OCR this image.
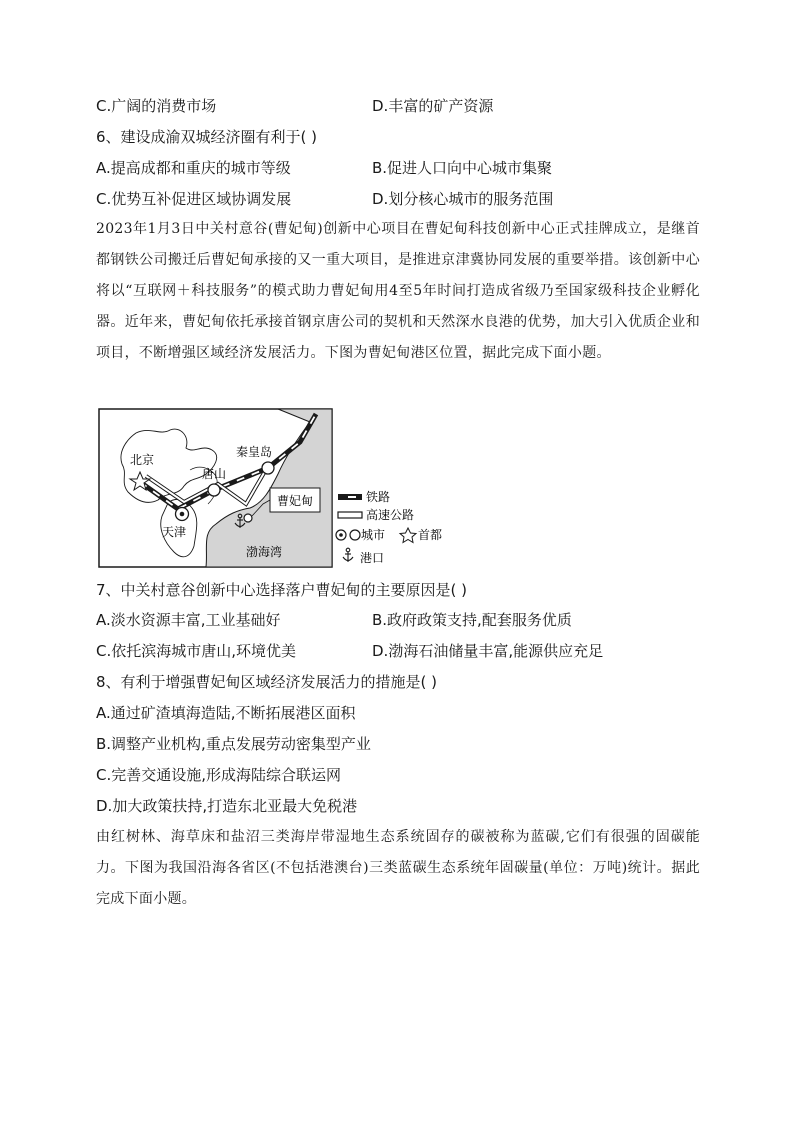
C.广阔的消费市场	D.丰富的矿产资源
6、建设成渝双城经济圈有利于( )
A.提高成都和重庆的城市等级	B.促进人口向中心城市集聚
C.优势互补促进区域协调发展	D.划分核心城市的服务范围
2023年1月3日中关村意谷(曹妃甸)创新中心项目在曹妃甸科技创新中心正式挂牌成立，是继首都钢铁公司搬迁后曹妃甸承接的又一重大项目，是推进京津冀协同发展的重要举措。该创新中心将以“互联网＋科技服务”的模式助力曹妃甸用4至5年时间打造成省级乃至国家级科技企业孵化器。近年来，曹妃甸依托承接首钢京唐公司的契机和天然深水良港的优势，加大引入优质企业和项目，不断增强区域经济发展活力。下图为曹妃甸港区位置，据此完成下面小题。
曹妃甸
北京
天津
唐山
秦皇岛
渤海湾
铁路
高速公路
城市	首都
港口
7、中关村意谷创新中心选择落户曹妃甸的主要原因是( )
A.淡水资源丰富,工业基础好	B.政府政策支持,配套服务优质
C.依托滨海城市唐山,环境优美	D.渤海石油储量丰富,能源供应充足
8、有利于增强曹妃甸区域经济发展活力的措施是( )
A.通过矿渣填海造陆,不断拓展港区面积
B.调整产业机构,重点发展劳动密集型产业
C.完善交通设施,形成海陆综合联运网
D.加大政策扶持,打造东北亚最大免税港
由红树林、海草床和盐沼三类海岸带湿地生态系统固存的碳被称为蓝碳,它们有很强的固碳能力。下图为我国沿海各省区(不包括港澳台)三类蓝碳生态系统年固碳量(单位：万吨)统计。据此完成下面小题。
